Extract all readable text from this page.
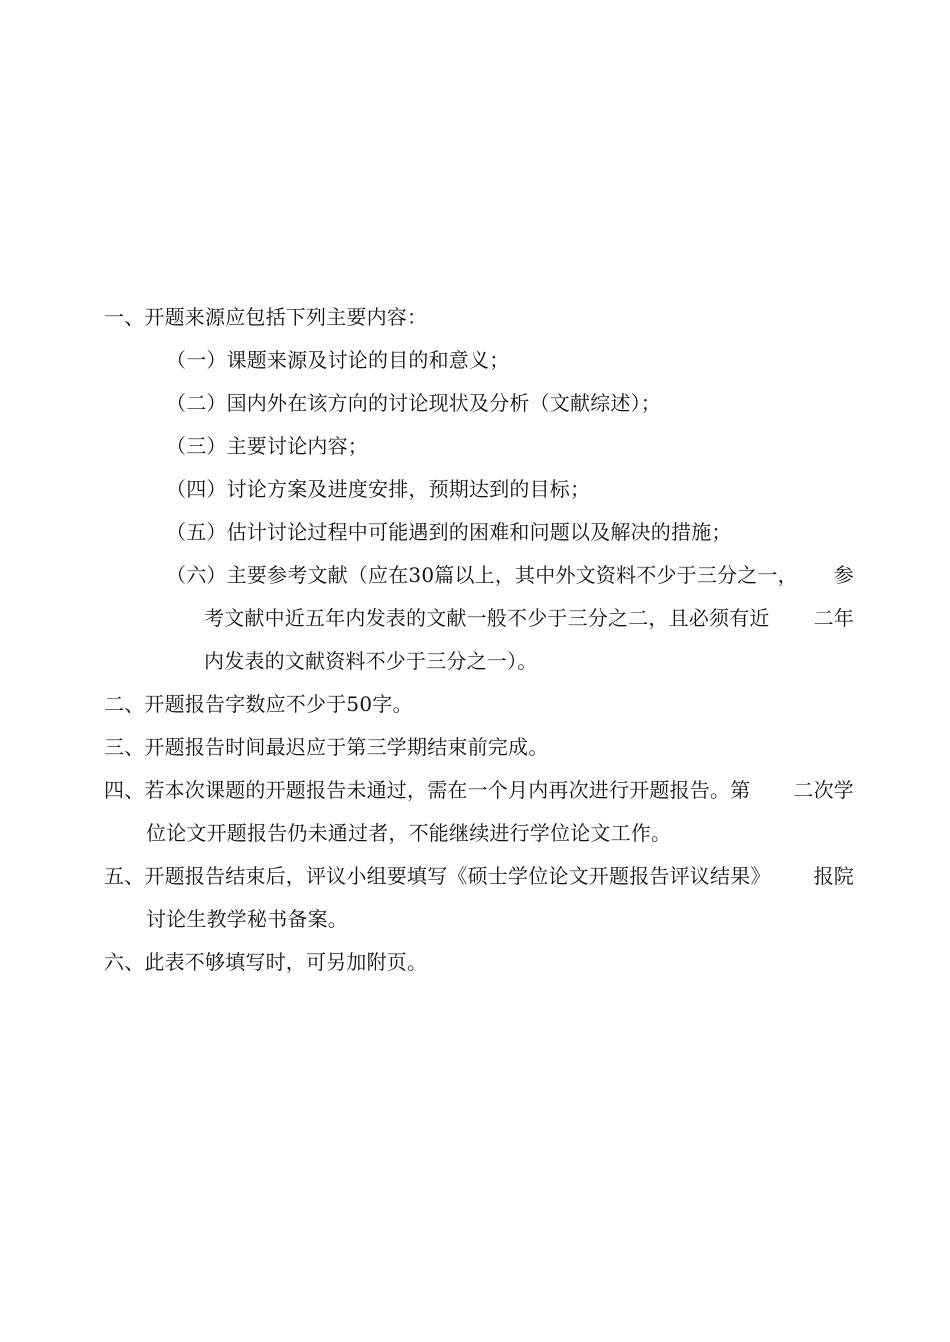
一、开题来源应包括下列主要内容：
（一）课题来源及讨论的目的和意义；
（二）国内外在该方向的讨论现状及分析（文献综述）；
（三）主要讨论内容；
（四）讨论方案及进度安排，预期达到的目标；
（五）估计讨论过程中可能遇到的困难和问题以及解决的措施；
（六）主要参考文献（应在30篇以上，其中外文资料不少于三分之一， 参
考文献中近五年内发表的文献一般不少于三分之二，且必须有近 二年
内发表的文献资料不少于三分之一）。
二、开题报告字数应不少于50字。
三、开题报告时间最迟应于第三学期结束前完成。
四、若本次课题的开题报告未通过，需在一个月内再次进行开题报告。第 二次学
位论文开题报告仍未通过者，不能继续进行学位论文工作。
五、开题报告结束后，评议小组要填写《硕士学位论文开题报告评议结果》 报院
讨论生教学秘书备案。
六、此表不够填写时，可另加附页。
